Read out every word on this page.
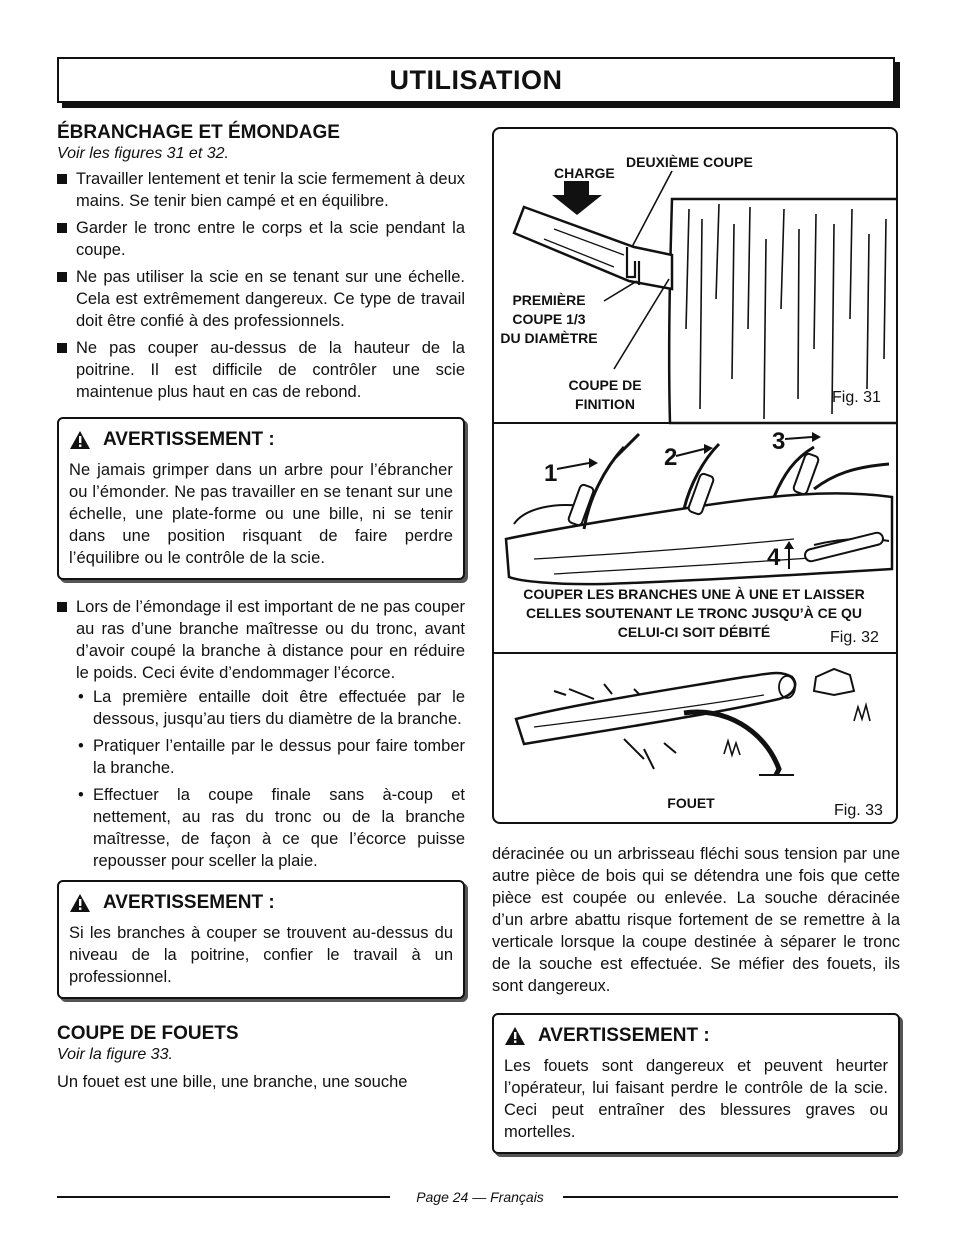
UTILISATION
ÉBRANCHAGE ET ÉMONDAGE
Voir les figures 31 et 32.
Travailler lentement et tenir la scie fermement à deux mains. Se tenir bien campé et en équilibre.
Garder le tronc entre le corps et la scie pendant la coupe.
Ne pas utiliser la scie en se tenant sur une échelle. Cela est extrêmement dangereux. Ce type de travail doit être confié à des professionnels.
Ne pas couper au-dessus de la hauteur de la poitrine. Il est difficile de contrôler une scie maintenue plus haut en cas de rebond.
AVERTISSEMENT :
Ne jamais grimper dans un arbre pour l’ébrancher ou l’émonder. Ne pas travailler en se tenant sur une échelle, une plate-forme ou une bille, ni se tenir dans une position risquant de faire perdre l’équilibre ou le contrôle de la scie.
Lors de l’émondage il est important de ne pas couper au ras d’une branche maîtresse ou du tronc, avant d’avoir coupé la branche à distance pour en réduire le poids. Ceci évite d’endommager l’écorce.
• La première entaille doit être effectuée par le dessous, jusqu’au tiers du diamètre de la branche.
• Pratiquer l’entaille par le dessus pour faire tomber la branche.
• Effectuer la coupe finale sans à-coup et nettement, au ras du tronc ou de la branche maîtresse, de façon à ce que l’écorce puisse repousser pour sceller la plaie.
AVERTISSEMENT :
Si les branches à couper se trouvent au-dessus du niveau de la poitrine, confier le travail à un professionnel.
COUPE DE FOUETS
Voir la figure 33.

Un fouet est une bille, une branche, une souche

CHARGE
DEUXIÈME COUPE
PREMIÈRE
COUPE 1/3
DU DIAMÈTRE
COUPE DE
FINITION	Fig. 31
1
2
3
4
COUPER LES BRANCHES UNE À UNE ET LAISSER
CELLES SOUTENANT LE TRONC JUSQU’À CE QU
CELUI-CI SOIT DÉBITÉ	Fig. 32
FOUET	Fig. 33

déracinée ou un arbrisseau fléchi sous tension par une autre pièce de bois qui se détendra une fois que cette pièce est coupée ou enlevée. La souche déracinée d’un arbre abattu risque fortement de se remettre à la verticale lorsque la coupe destinée à séparer le tronc de la souche est effectuée. Se méfier des fouets, ils sont dangereux.

AVERTISSEMENT :
Les fouets sont dangereux et peuvent heurter l’opérateur, lui faisant perdre le contrôle de la scie. Ceci peut entraîner des blessures graves ou mortelles.
Page 24 — Français
